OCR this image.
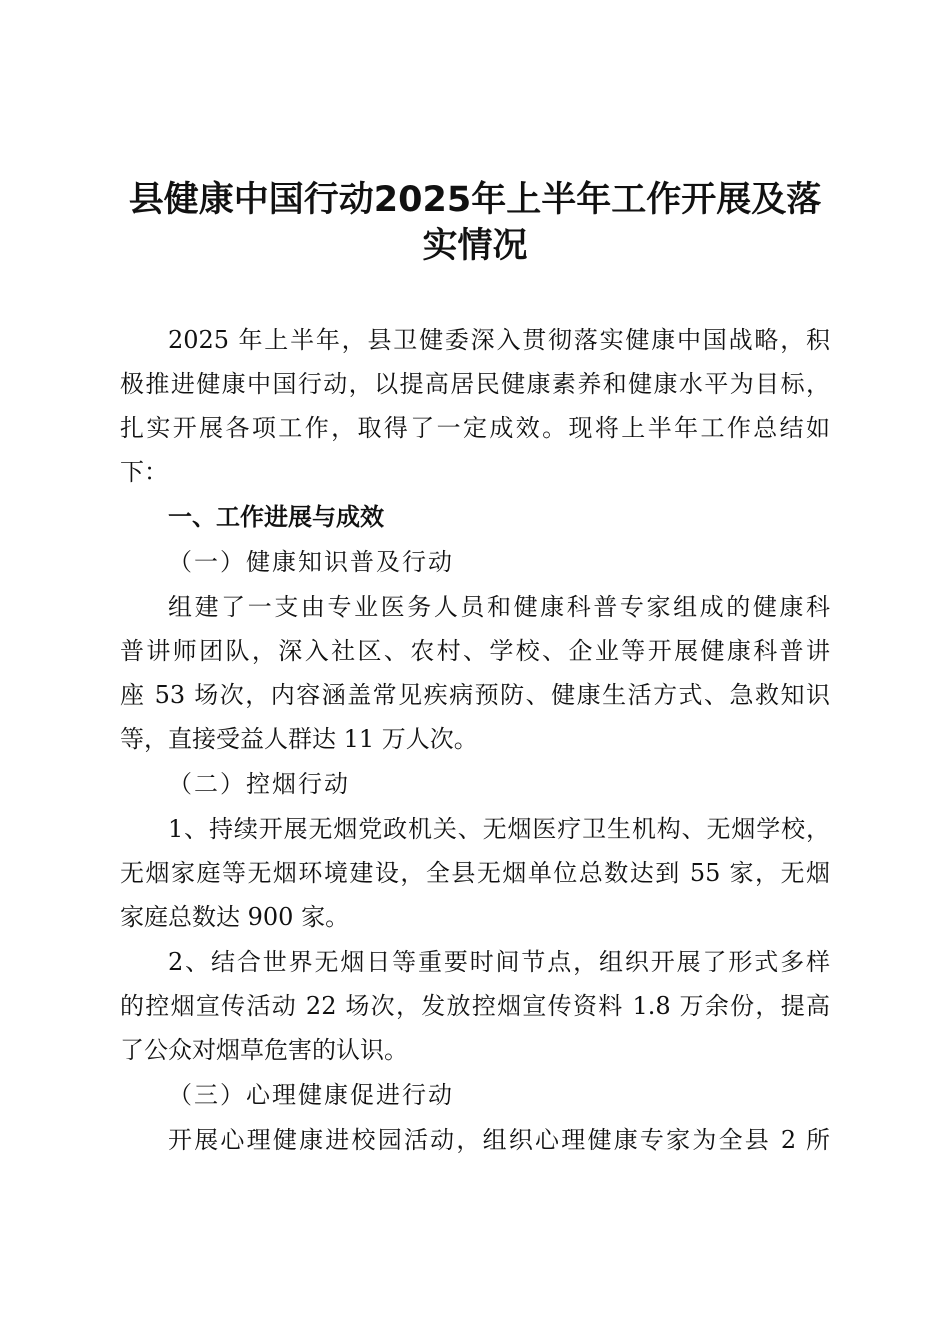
县健康中国行动2025年上半年工作开展及落
实情况

2025 年上半年，县卫健委深入贯彻落实健康中国战略，积

极推进健康中国行动，以提高居民健康素养和健康水平为目标，

扎实开展各项工作，取得了一定成效。现将上半年工作总结如

下：

一、工作进展与成效

（一）健康知识普及行动

组建了一支由专业医务人员和健康科普专家组成的健康科

普讲师团队，深入社区、农村、学校、企业等开展健康科普讲

座 53 场次，内容涵盖常见疾病预防、健康生活方式、急救知识

等，直接受益人群达 11 万人次。

（二）控烟行动

1、持续开展无烟党政机关、无烟医疗卫生机构、无烟学校，

无烟家庭等无烟环境建设，全县无烟单位总数达到 55 家，无烟

家庭总数达 900 家。

2、结合世界无烟日等重要时间节点，组织开展了形式多样

的控烟宣传活动 22 场次，发放控烟宣传资料 1.8 万余份，提高

了公众对烟草危害的认识。

（三）心理健康促进行动

开展心理健康进校园活动，组织心理健康专家为全县 2 所
